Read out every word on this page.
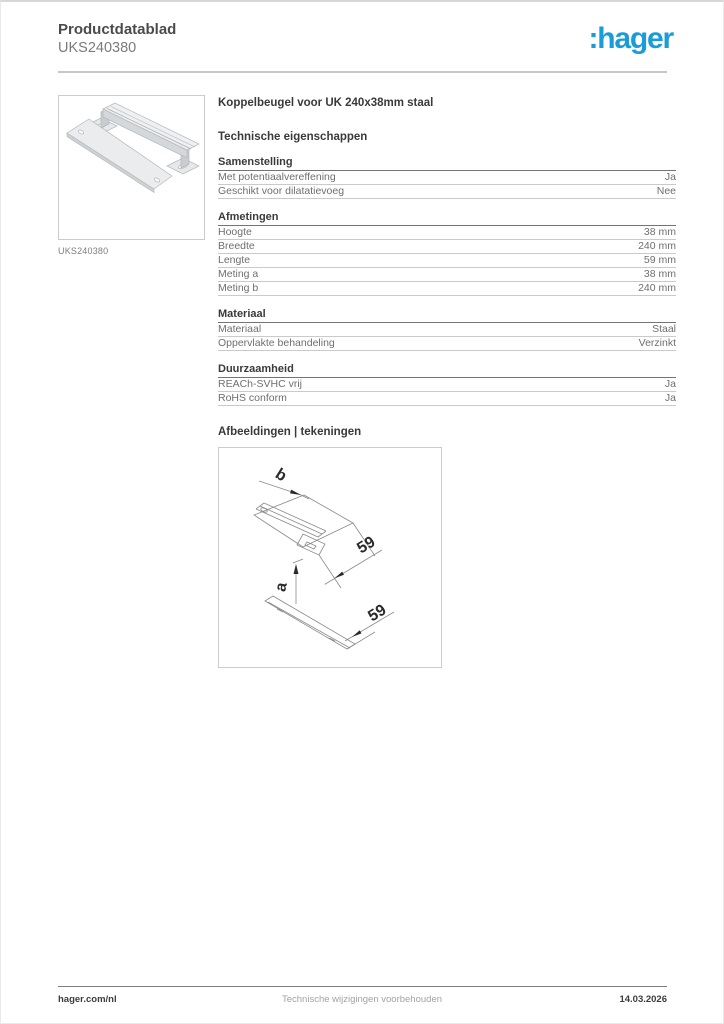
Productdatablad
UKS240380	:hager
UKS240380
Koppelbeugel voor UK 240x38mm staal
Technische eigenschappen
Samenstelling
Met potentiaalvereffening	Ja
Geschikt voor dilatatievoeg	Nee
Afmetingen
Hoogte	38 mm
Breedte	240 mm
Lengte	59 mm
Meting a	38 mm
Meting b	240 mm
Materiaal
Materiaal	Staal
Oppervlakte behandeling	Verzinkt
Duurzaamheid
REACh-SVHC vrij	Ja
RoHS conform	Ja
Afbeeldingen | tekeningen
b
59
a
59
hager.com/nl	Technische wijzigingen voorbehouden	14.03.2026
